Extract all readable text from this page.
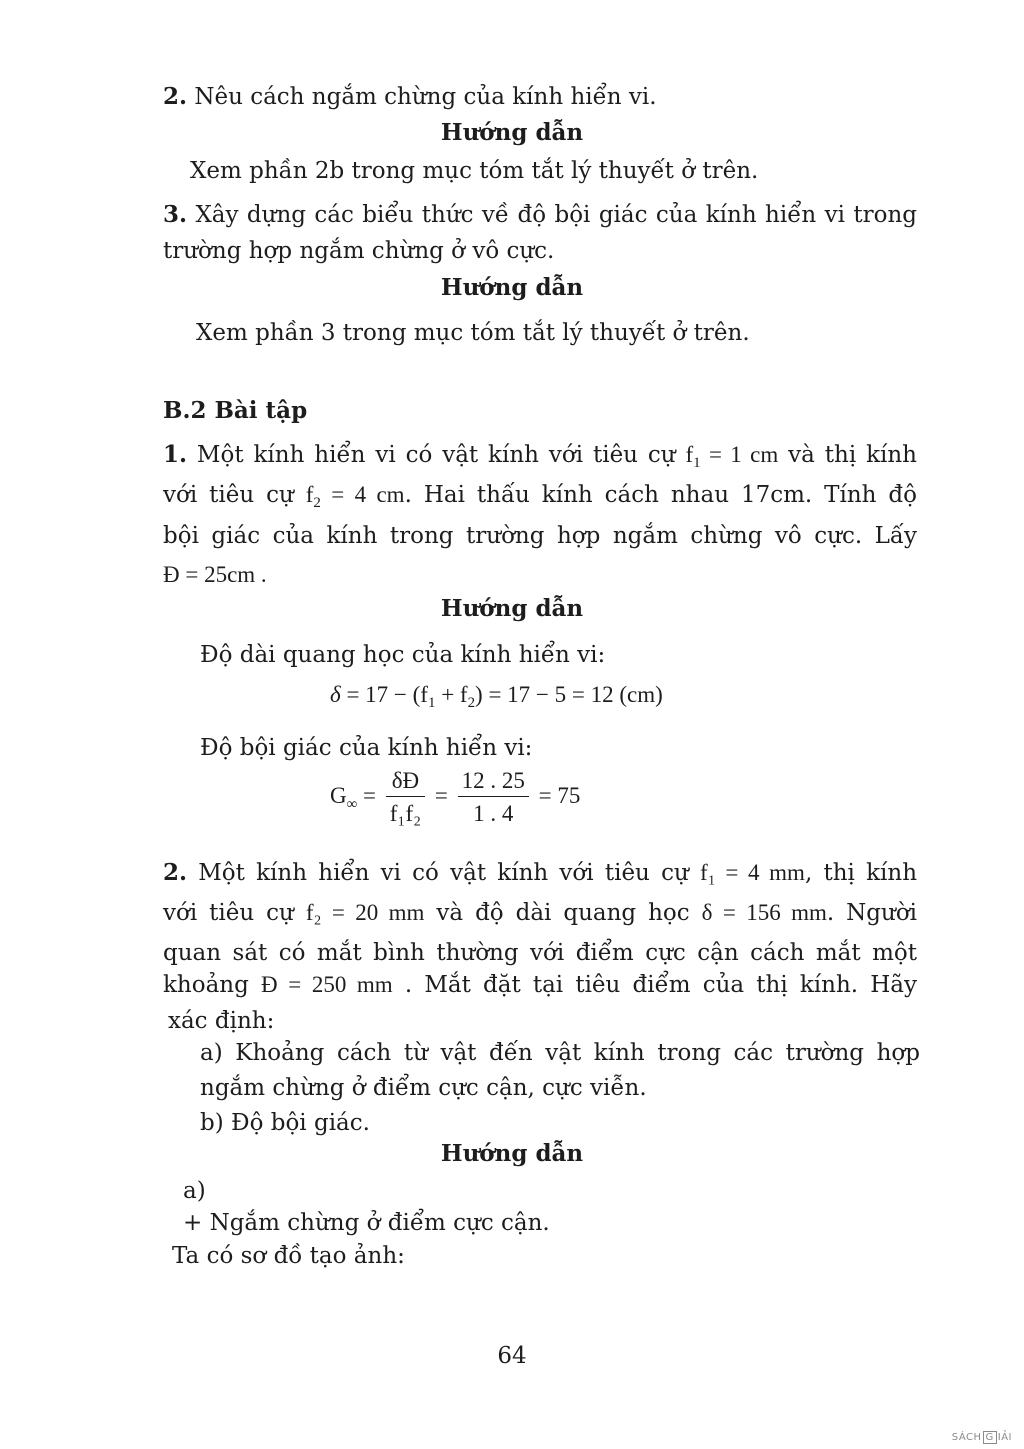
2. Nêu cách ngắm chừng của kính hiển vi.
Hướng dẫn
Xem phần 2b trong mục tóm tắt lý thuyết ở trên.
3. Xây dựng các biểu thức về độ bội giác của kính hiển vi trong
trường hợp ngắm chừng ở vô cực.
Hướng dẫn
Xem phần 3 trong mục tóm tắt lý thuyết ở trên.
B.2 Bài tập
1. Một kính hiển vi có vật kính với tiêu cự $f_1 = 1$ cm và thị kính
với tiêu cự $f_2 = 4$ cm. Hai thấu kính cách nhau 17cm. Tính độ
bội giác của kính trong trường hợp ngắm chừng vô cực. Lấy
Đ = 25cm .
Hướng dẫn
Độ dài quang học của kính hiển vi:
$\delta = 17 - (f_1 + f_2) = 17 - 5 = 12$ (cm)
Độ bội giác của kính hiển vi:
$G_\infty = \frac{\delta Đ}{\text{f₁f₂}} = \frac{12 . 25}{1 . 4} = 75$
2. Một kính hiển vi có vật kính với tiêu cự f₁ = 4 mm, thị kính
với tiêu cự f₂ = 20 mm và độ dài quang học δ = 156 mm. Người
quan sát có mắt bình thường với điểm cực cận cách mắt một
khoảng Đ = 250 mm . Mắt đặt tại tiêu điểm của thị kính. Hãy
xác định:
a) Khoảng cách từ vật đến vật kính trong các trường hợp
ngắm chừng ở điểm cực cận, cực viễn.
b) Độ bội giác.
Hướng dẫn
a)
+ Ngắm chừng ở điểm cực cận.
Ta có sơ đồ tạo ảnh:
64
SÁCH G IẢI
